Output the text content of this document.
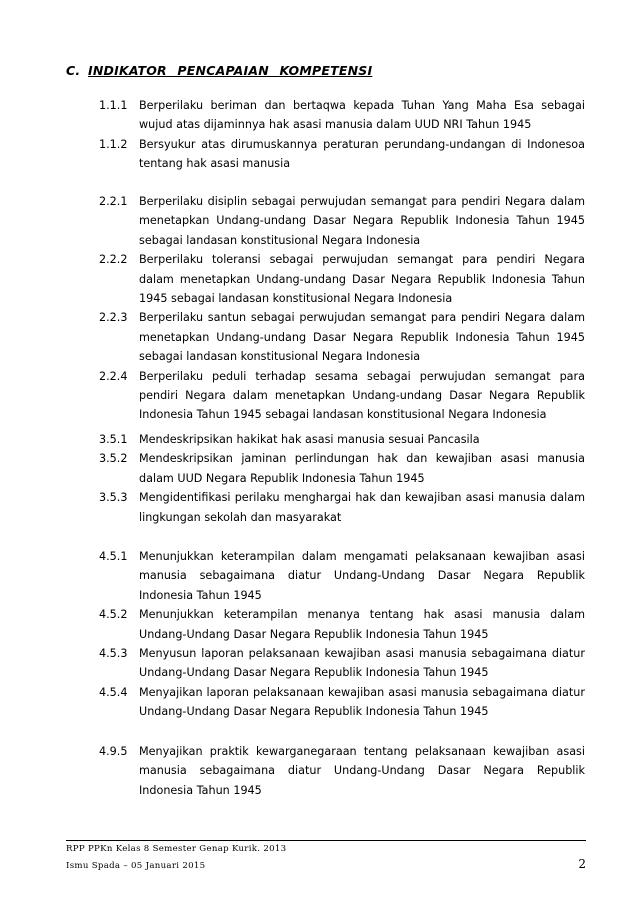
C. INDIKATOR PENCAPAIAN KOMPETENSI
1.1.1 Berperilaku beriman dan bertaqwa kepada Tuhan Yang Maha Esa sebagai wujud atas dijaminnya hak asasi manusia dalam UUD NRI Tahun 1945
1.1.2 Bersyukur atas dirumuskannya peraturan perundang-undangan di Indonesoa tentang hak asasi manusia
2.2.1 Berperilaku disiplin sebagai perwujudan semangat para pendiri Negara dalam menetapkan Undang-undang Dasar Negara Republik Indonesia Tahun 1945 sebagai landasan konstitusional Negara Indonesia
2.2.2 Berperilaku toleransi sebagai perwujudan semangat para pendiri Negara dalam menetapkan Undang-undang Dasar Negara Republik Indonesia Tahun 1945 sebagai landasan konstitusional Negara Indonesia
2.2.3 Berperilaku santun sebagai perwujudan semangat para pendiri Negara dalam menetapkan Undang-undang Dasar Negara Republik Indonesia Tahun 1945 sebagai landasan konstitusional Negara Indonesia
2.2.4 Berperilaku peduli terhadap sesama sebagai perwujudan semangat para pendiri Negara dalam menetapkan Undang-undang Dasar Negara Republik Indonesia Tahun 1945 sebagai landasan konstitusional Negara Indonesia
3.5.1 Mendeskripsikan hakikat hak asasi manusia sesuai Pancasila
3.5.2 Mendeskripsikan jaminan perlindungan hak dan kewajiban asasi manusia dalam UUD Negara Republik Indonesia Tahun 1945
3.5.3 Mengidentifikasi perilaku menghargai hak dan kewajiban asasi manusia dalam lingkungan sekolah dan masyarakat
4.5.1 Menunjukkan keterampilan dalam mengamati pelaksanaan kewajiban asasi manusia sebagaimana diatur Undang-Undang Dasar Negara Republik Indonesia Tahun 1945
4.5.2 Menunjukkan keterampilan menanya tentang hak asasi manusia dalam Undang-Undang Dasar Negara Republik Indonesia Tahun 1945
4.5.3 Menyusun laporan pelaksanaan kewajiban asasi manusia sebagaimana diatur Undang-Undang Dasar Negara Republik Indonesia Tahun 1945
4.5.4 Menyajikan laporan pelaksanaan kewajiban asasi manusia sebagaimana diatur Undang-Undang Dasar Negara Republik Indonesia Tahun 1945
4.9.5 Menyajikan praktik kewarganegaraan tentang pelaksanaan kewajiban asasi manusia sebagaimana diatur Undang-Undang Dasar Negara Republik Indonesia Tahun 1945
RPP PPKn Kelas 8 Semester Genap Kurik. 2013
Ismu Spada – 05 Januari 2015	2
